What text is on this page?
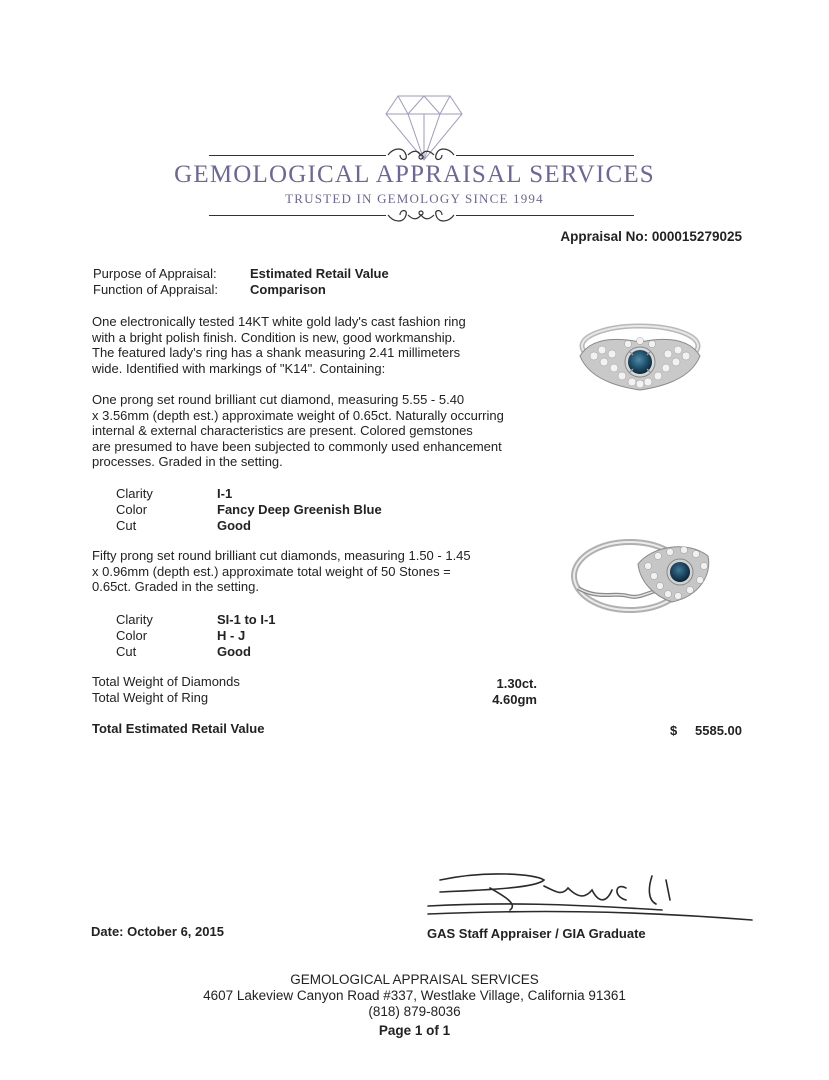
GEMOLOGICAL APPRAISAL SERVICES
TRUSTED IN GEMOLOGY SINCE 1994
Appraisal No: 000015279025
Purpose of Appraisal:	Estimated Retail Value
Function of Appraisal: Comparison
One electronically tested 14KT white gold lady's cast fashion ring
with a bright polish finish. Condition is new, good workmanship.
The featured lady's ring has a shank measuring 2.41 millimeters
wide. Identified with markings of "K14". Containing:
One prong set round brilliant cut diamond, measuring 5.55 - 5.40
x 3.56mm (depth est.) approximate weight of 0.65ct. Naturally occurring
internal & external characteristics are present. Colored gemstones
are presumed to have been subjected to commonly used enhancement
processes. Graded in the setting.
Clarity	I-1
Color	Fancy Deep Greenish Blue
Cut	Good
Fifty prong set round brilliant cut diamonds, measuring 1.50 - 1.45
x 0.96mm (depth est.) approximate total weight of 50 Stones =
0.65ct. Graded in the setting.
Clarity	SI-1 to I-1
Color	H - J
Cut	Good
Total Weight of Diamonds	1.30ct.
Total Weight of Ring	4.60gm
Total Estimated Retail Value	$ 5585.00
Date: October 6, 2015	GAS Staff Appraiser / GIA Graduate
GEMOLOGICAL APPRAISAL SERVICES
4607 Lakeview Canyon Road #337, Westlake Village, California 91361
(818) 879-8036
Page 1 of 1
